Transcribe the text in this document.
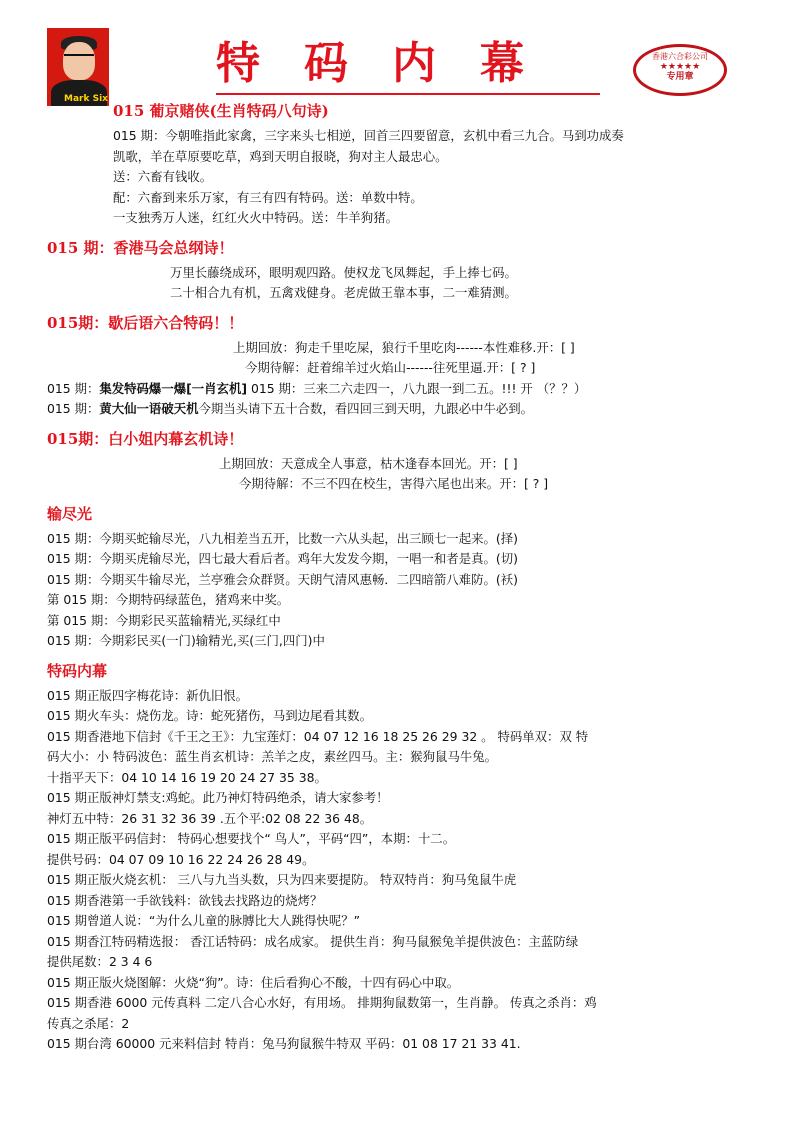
Mark Six
特码内幕	香港六合彩公司
★★★★★
专用章
015 葡京赌侠(生肖特码八句诗)
015 期：今朝唯指此家禽，三字来头七相逆，回首三四要留意，玄机中看三九合。马到功成奏
凯歌，羊在草原要吃草，鸡到天明自报晓，狗对主人最忠心。
送：六畜有钱收。
配：六畜到来乐万家，有三有四有特码。送：单数中特。
一支独秀万人迷，红红火火中特码。送：牛羊狗猪。
015 期：香港马会总纲诗！
万里长藤绕成环，眼明观四路。使权龙飞凤舞起，手上捧七码。
二十相合九有机，五禽戏健身。老虎做王靠本事，二一难猜测。
015期：歇后语六合特码！！
上期回放：狗走千里吃屎，狼行千里吃肉------本性难移.开：[ ]
今期待解：赶着绵羊过火焰山------往死里逼.开：[ ? ]
015 期：集发特码爆一爆[一肖玄机] 015 期：三来二六走四一，八九跟一到二五。!!! 开 （？？）
015 期：黄大仙一语破天机今期当头请下五十合数，看四回三到天明，九跟必中牛必到。
015期：白小姐内幕玄机诗！
上期回放：天意成全人事意，枯木逢春本回光。开：[ ]
今期待解：不三不四在校生，害得六尾也出来。开：[ ? ]
输尽光
015 期：今期买蛇输尽光，八九相差当五开，比数一六从头起，出三顾七一起来。(择)
015 期：今期买虎输尽光，四七最大看后者。鸡年大发发今期，一唱一和者是真。(切)
015 期：今期买牛输尽光，兰亭雅会众群贤。天朗气清风惠畅．二四暗箭八难防。(袄)
第 015 期：今期特码绿蓝色，猪鸡来中奖。
第 015 期：今期彩民买蓝输精光,买绿红中
015 期：今期彩民买(一门)输精光,买(三门,四门)中
特码内幕
015 期正版四字梅花诗：新仇旧恨。
015 期火车头：烧伤龙。诗：蛇死猪伤，马到边尾看其数。
015 期香港地下信封《千王之王》：九宝莲灯：04 07 12 16 18 25 26 29 32 。 特码单双：双 特
码大小：小 特码波色：蓝生肖玄机诗：羔羊之皮，素丝四马。主：猴狗鼠马牛兔。
十指平天下：04 10 14 16 19 20 24 27 35 38。
015 期正版神灯禁支:鸡蛇。此乃神灯特码绝杀，请大家参考！
神灯五中特：26 31 32 36 39 .五个平:02 08 22 36 48。
015 期正版平码信封： 特码心想要找个“ 鸟人”，平码“四”，本期：十二。
提供号码：04 07 09 10 16 22 24 26 28 49。
015 期正版火烧玄机： 三八与九当头数，只为四来要提防。 特双特肖：狗马兔鼠牛虎
015 期香港第一手欲钱料：欲钱去找路边的烧烤？
015 期曾道人说：“为什么儿童的脉膊比大人跳得快呢？”
015 期香江特码精选报： 香江话特码：成名成家。 提供生肖：狗马鼠猴兔羊提供波色：主蓝防绿
提供尾数：2 3 4 6
015 期正版火烧图解：火烧“狗”。诗：住后看狗心不酸，十四有码心中取。
015 期香港 6000 元传真料 二定八合心水好，有用场。 排期狗鼠数第一，生肖静。 传真之杀肖：鸡
传真之杀尾：2
015 期台湾 60000 元来料信封 特肖：兔马狗鼠猴牛特双 平码：01 08 17 21 33 41.
